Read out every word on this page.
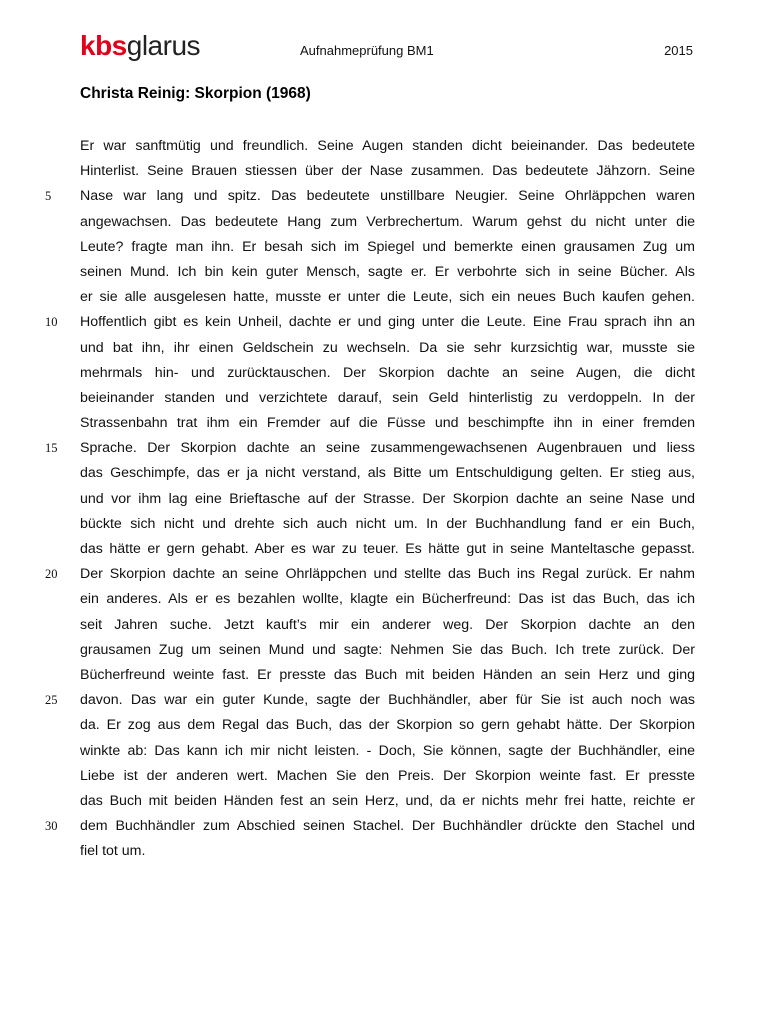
kbsglarus	Aufnahmeprüfung BM1	2015
Christa Reinig: Skorpion (1968)
Er war sanftmütig und freundlich. Seine Augen standen dicht beieinander. Das bedeutete
Hinterlist. Seine Brauen stiessen über der Nase zusammen. Das bedeutete Jähzorn. Seine
5	Nase war lang und spitz. Das bedeutete unstillbare Neugier. Seine Ohrläppchen waren
angewachsen. Das bedeutete Hang zum Verbrechertum. Warum gehst du nicht unter die
Leute? fragte man ihn. Er besah sich im Spiegel und bemerkte einen grausamen Zug um
seinen Mund. Ich bin kein guter Mensch, sagte er. Er verbohrte sich in seine Bücher. Als
er sie alle ausgelesen hatte, musste er unter die Leute, sich ein neues Buch kaufen gehen.
10	Hoffentlich gibt es kein Unheil, dachte er und ging unter die Leute. Eine Frau sprach ihn an
und bat ihn, ihr einen Geldschein zu wechseln. Da sie sehr kurzsichtig war, musste sie
mehrmals hin- und zurücktauschen. Der Skorpion dachte an seine Augen, die dicht
beieinander standen und verzichtete darauf, sein Geld hinterlistig zu verdoppeln. In der
Strassenbahn trat ihm ein Fremder auf die Füsse und beschimpfte ihn in einer fremden
15	Sprache. Der Skorpion dachte an seine zusammengewachsenen Augenbrauen und liess
das Geschimpfe, das er ja nicht verstand, als Bitte um Entschuldigung gelten. Er stieg aus,
und vor ihm lag eine Brieftasche auf der Strasse. Der Skorpion dachte an seine Nase und
bückte sich nicht und drehte sich auch nicht um. In der Buchhandlung fand er ein Buch,
das hätte er gern gehabt. Aber es war zu teuer. Es hätte gut in seine Manteltasche gepasst.
20	Der Skorpion dachte an seine Ohrläppchen und stellte das Buch ins Regal zurück. Er nahm
ein anderes. Als er es bezahlen wollte, klagte ein Bücherfreund: Das ist das Buch, das ich
seit Jahren suche. Jetzt kauft’s mir ein anderer weg. Der Skorpion dachte an den
grausamen Zug um seinen Mund und sagte: Nehmen Sie das Buch. Ich trete zurück. Der
Bücherfreund weinte fast. Er presste das Buch mit beiden Händen an sein Herz und ging
25	davon. Das war ein guter Kunde, sagte der Buchhändler, aber für Sie ist auch noch was
da. Er zog aus dem Regal das Buch, das der Skorpion so gern gehabt hätte. Der Skorpion
winkte ab: Das kann ich mir nicht leisten. - Doch, Sie können, sagte der Buchhändler, eine
Liebe ist der anderen wert. Machen Sie den Preis. Der Skorpion weinte fast. Er presste
das Buch mit beiden Händen fest an sein Herz, und, da er nichts mehr frei hatte, reichte er
30	dem Buchhändler zum Abschied seinen Stachel. Der Buchhändler drückte den Stachel und
fiel tot um.
